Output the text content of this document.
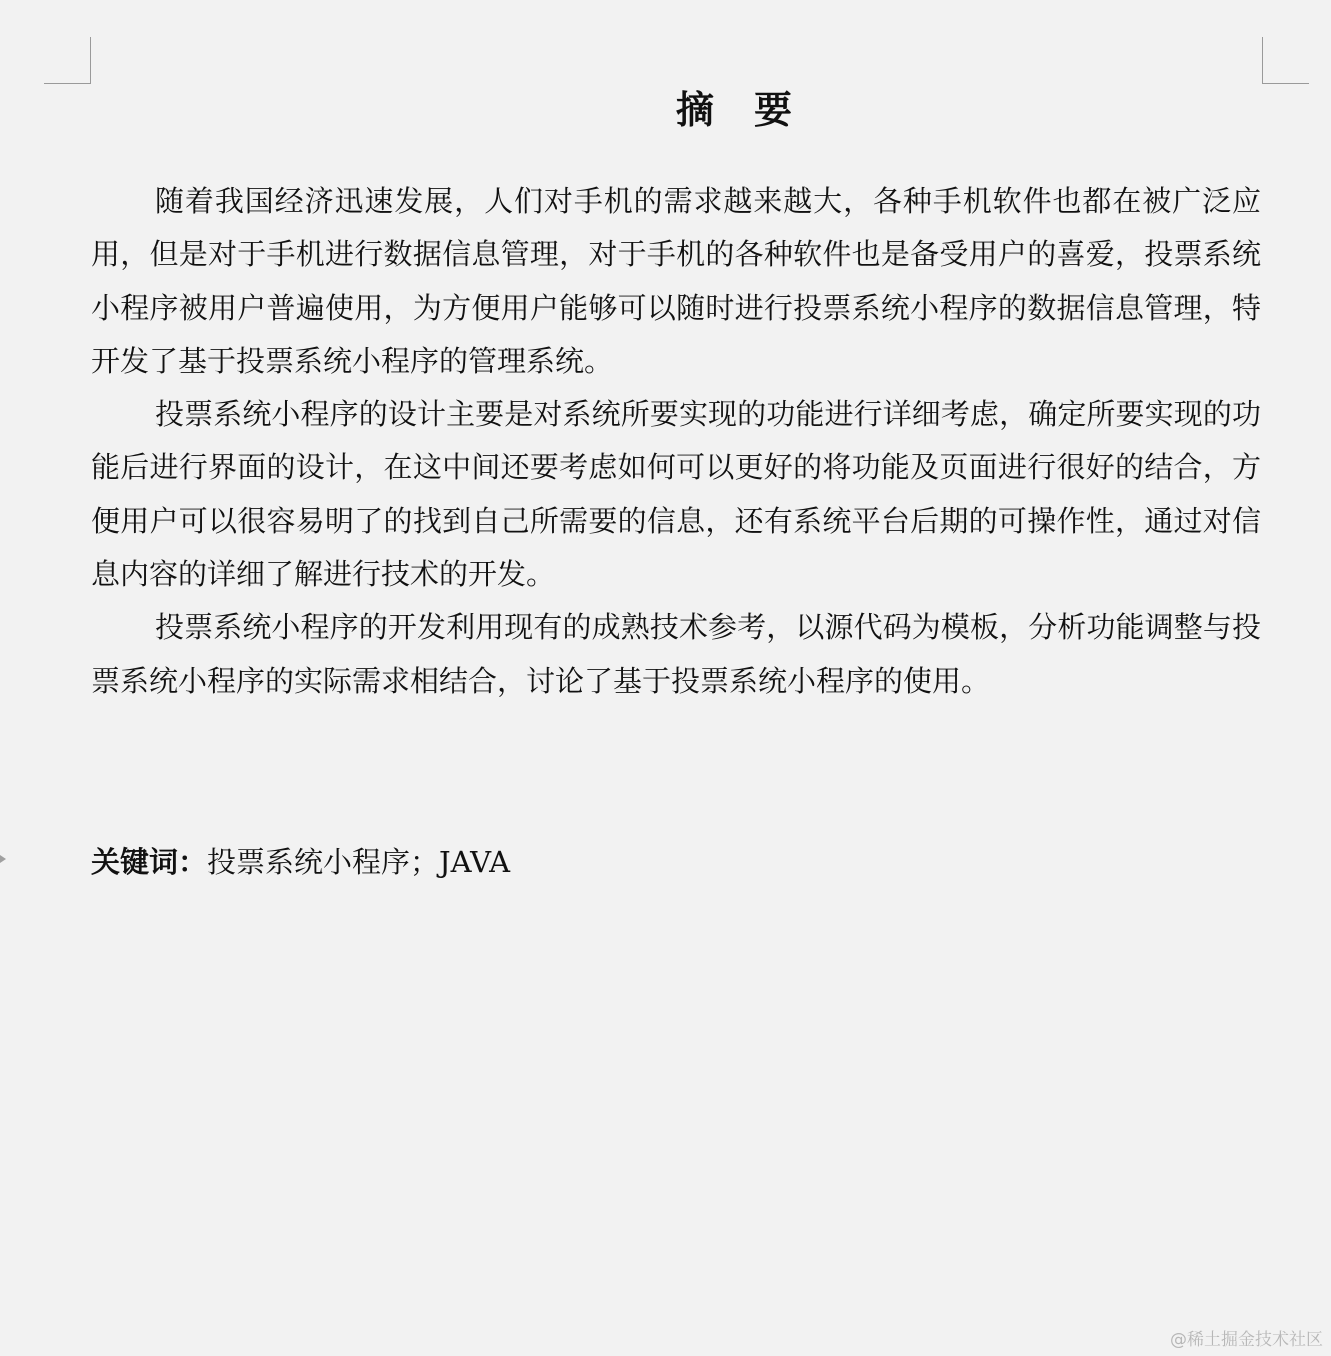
摘 要

随着我国经济迅速发展，人们对手机的需求越来越大，各种手机软件也都在被广泛应用，但是对于手机进行数据信息管理，对于手机的各种软件也是备受用户的喜爱，投票系统小程序被用户普遍使用，为方便用户能够可以随时进行投票系统小程序的数据信息管理，特开发了基于投票系统小程序的管理系统。

投票系统小程序的设计主要是对系统所要实现的功能进行详细考虑，确定所要实现的功能后进行界面的设计，在这中间还要考虑如何可以更好的将功能及页面进行很好的结合，方便用户可以很容易明了的找到自己所需要的信息，还有系统平台后期的可操作性，通过对信息内容的详细了解进行技术的开发。

投票系统小程序的开发利用现有的成熟技术参考，以源代码为模板，分析功能调整与投票系统小程序的实际需求相结合，讨论了基于投票系统小程序的使用。

关键词：投票系统小程序；JAVA
@稀土掘金技术社区
